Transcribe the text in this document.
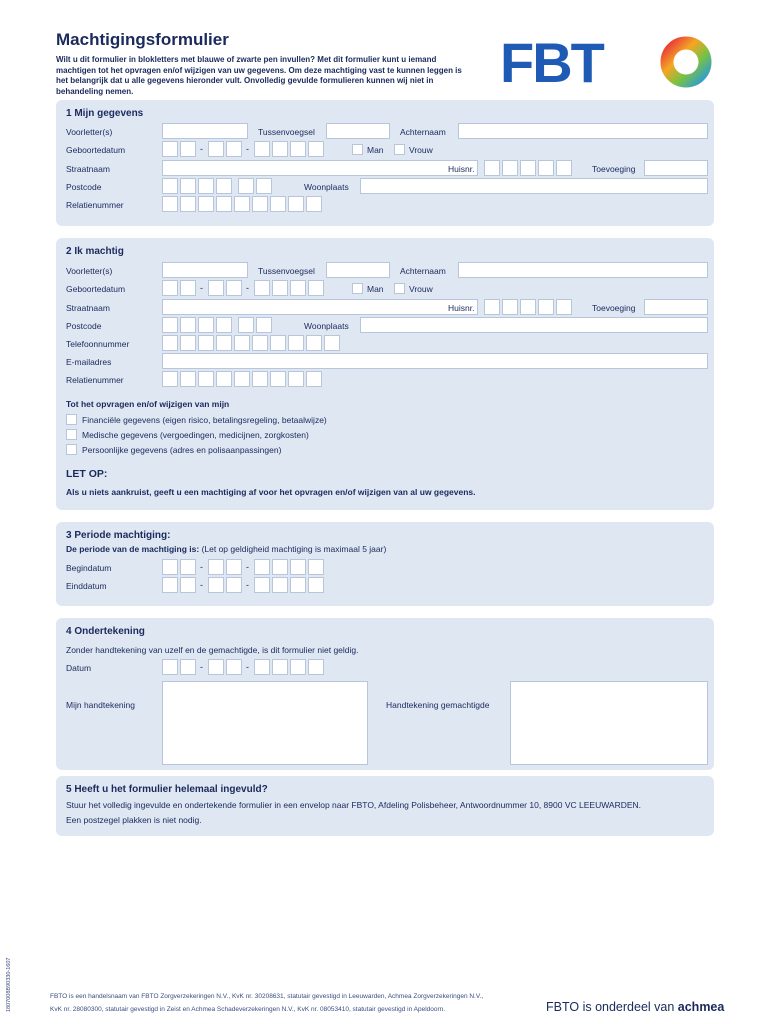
Machtigingsformulier
Wilt u dit formulier in blokletters met blauwe of zwarte pen invullen? Met dit formulier kunt u iemand machtigen tot het opvragen en/of wijzigen van uw gegevens. Om deze machtiging vast te kunnen leggen is het belangrijk dat u alle gegevens hieronder vult. Onvolledig gevulde formulieren kunnen wij niet in behandeling nemen.	FBT
1 Mijn gegevens
Voorletter(s)	Tussenvoegsel	Achternaam
Geboortedatum	-	-	Man	Vrouw
Straatnaam	Huisnr.	Toevoeging
Postcode	Woonplaats
Relatienummer
2 Ik machtig
Voorletter(s)	Tussenvoegsel	Achternaam
Geboortedatum	-	-	Man	Vrouw
Straatnaam	Huisnr.	Toevoeging
Postcode	Woonplaats
Telefoonnummer
E-mailadres
Relatienummer
Tot het opvragen en/of wijzigen van mijn
Financiële gegevens (eigen risico, betalingsregeling, betaalwijze)
Medische gegevens (vergoedingen, medicijnen, zorgkosten)
Persoonlijke gegevens (adres en polisaanpassingen)
LET OP:
Als u niets aankruist, geeft u een machtiging af voor het opvragen en/of wijzigen van al uw gegevens.
3 Periode machtiging:
De periode van de machtiging is: (Let op geldigheid machtiging is maximaal 5 jaar)
Begindatum	-	-
Einddatum	-	-
4 Ondertekening
Zonder handtekening van uzelf en de gemachtigde, is dit formulier niet geldig.
Datum	-	-
Mijn handtekening	Handtekening gemachtigde
5 Heeft u het formulier helemaal ingevuld?
Stuur het volledig ingevulde en ondertekende formulier in een envelop naar FBTO, Afdeling Polisbeheer, Antwoordnummer 10, 8900 VC LEEUWARDEN.
Een postzegel plakken is niet nodig.
1807008B90330-1607	FBTO is een handelsnaam van FBTO Zorgverzekeringen N.V., KvK nr. 30208631, statutair gevestigd in Leeuwarden, Achmea Zorgverzekeringen N.V.,
KvK nr. 28080300, statutair gevestigd in Zeist en Achmea Schadeverzekeringen N.V., KvK nr. 08053410, statutair gevestigd in Apeldoorn.	FBTO is onderdeel van achmea
